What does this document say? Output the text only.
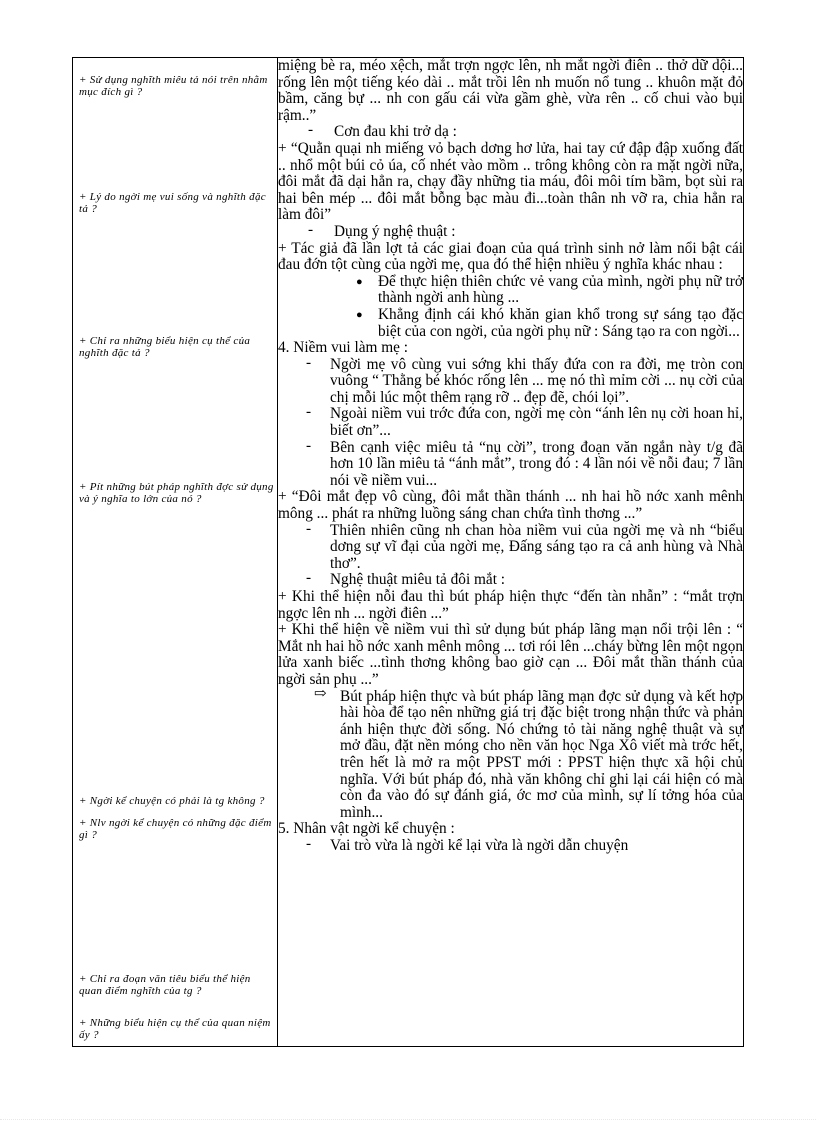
+ Sử dụng nghĩth miêu tả nói trên nhằm mục đích gì ?
+ Lý do ngời mẹ vui sống và nghĩth đặc tả ?
+ Chỉ ra những biểu hiện cụ thể của nghĩth đặc tả ?
+ Pít những bút pháp nghĩth đợc sử dụng và ý nghĩa to lớn của nó ?
+ Ngời kể chuyện có phải là tg không ?
+ Nlv ngời kể chuyện có những đặc điểm gì ?
+ Chỉ ra đoạn văn tiêu biểu thể hiện quan điểm nghĩth của tg ?
+ Những biểu hiện cụ thể của quan niệm ấy ?

miệng bè ra, méo xệch, mắt trợn ngợc lên, nh mắt ngời điên .. thở dữ dội... rống lên một tiếng kéo dài .. mắt trồi lên nh muốn nổ tung .. khuôn mặt đỏ bầm, căng bự ... nh con gấu cái vừa gầm ghè, vừa rên .. cố chui vào bụi rậm..”

- Cơn đau khi trở dạ :

+ “Quằn quại nh miếng vỏ bạch dơng hơ lửa, hai tay cứ đập đập xuống đất .. nhổ một búi cỏ úa, cố nhét vào mồm .. trông không còn ra mặt ngời nữa, đôi mắt đã dại hẳn ra, chạy đầy những tia máu, đôi môi tím bầm, bọt sùi ra hai bên mép ... đôi mắt bỗng bạc màu đi...toàn thân nh vỡ ra, chia hẳn ra làm đôi”

- Dụng ý nghệ thuật :

+ Tác giả đã lần lợt tả các giai đoạn của quá trình sinh nở làm nổi bật cái đau đớn tột cùng của ngời mẹ, qua đó thể hiện nhiều ý nghĩa khác nhau :

● Để thực hiện thiên chức vẻ vang của mình, ngời phụ nữ trở thành ngời anh hùng ...

● Khẳng định cái khó khăn gian khổ trong sự sáng tạo đặc biệt của con ngời, của ngời phụ nữ : Sáng tạo ra con ngời...

4. Niềm vui làm mẹ :

- Ngời mẹ vô cùng vui sớng khi thấy đứa con ra đời, mẹ tròn con vuông “ Thằng bé khóc rống lên ... mẹ nó thì mỉm cời ... nụ cời của chị mỗi lúc một thêm rạng rỡ .. đẹp đẽ, chói lọi”.

- Ngoài niềm vui trớc đứa con, ngời mẹ còn “ánh lên nụ cời hoan hỉ, biết ơn”...

- Bên cạnh việc miêu tả “nụ cời”, trong đoạn văn ngắn này t/g đã hơn 10 lần miêu tả “ánh mắt”, trong đó : 4 lần nói về nỗi đau; 7 lần nói về niềm vui...

+ “Đôi mắt đẹp vô cùng, đôi mắt thần thánh ... nh hai hồ nớc xanh mênh mông ... phát ra những luồng sáng chan chứa tình thơng ...”

- Thiên nhiên cũng nh chan hòa niềm vui của ngời mẹ và nh “biểu dơng sự vĩ đại của ngời mẹ, Đấng sáng tạo ra cả anh hùng và Nhà thơ”.

- Nghệ thuật miêu tả đôi mắt :

+ Khi thể hiện nỗi đau thì bút pháp hiện thực “đến tàn nhẫn” : “mắt trợn ngợc lên nh ... ngời điên ...”

+ Khi thể hiện về niềm vui thì sử dụng bút pháp lãng mạn nổi trội lên : “ Mắt nh hai hồ nớc xanh mênh mông ... tơi rói lên ...cháy bừng lên một ngọn lửa xanh biếc ...tình thơng không bao giờ cạn ... Đôi mắt thần thánh của ngời sản phụ ...”

⇨ Bút pháp hiện thực và bút pháp lãng mạn đợc sử dụng và kết hợp hài hòa để tạo nên những giá trị đặc biệt trong nhận thức và phản ánh hiện thực đời sống. Nó chứng tỏ tài năng nghệ thuật và sự mở đầu, đặt nền móng cho nền văn học Nga Xô viết mà trớc hết, trên hết là mở ra một PPST mới : PPST hiện thực xã hội chủ nghĩa. Với bút pháp đó, nhà văn không chỉ ghi lại cái hiện có mà còn đa vào đó sự đánh giá, ớc mơ của mình, sự lí tởng hóa của mình...

5. Nhân vật ngời kể chuyện :

- Vai trò vừa là ngời kể lại vừa là ngời dẫn chuyện
